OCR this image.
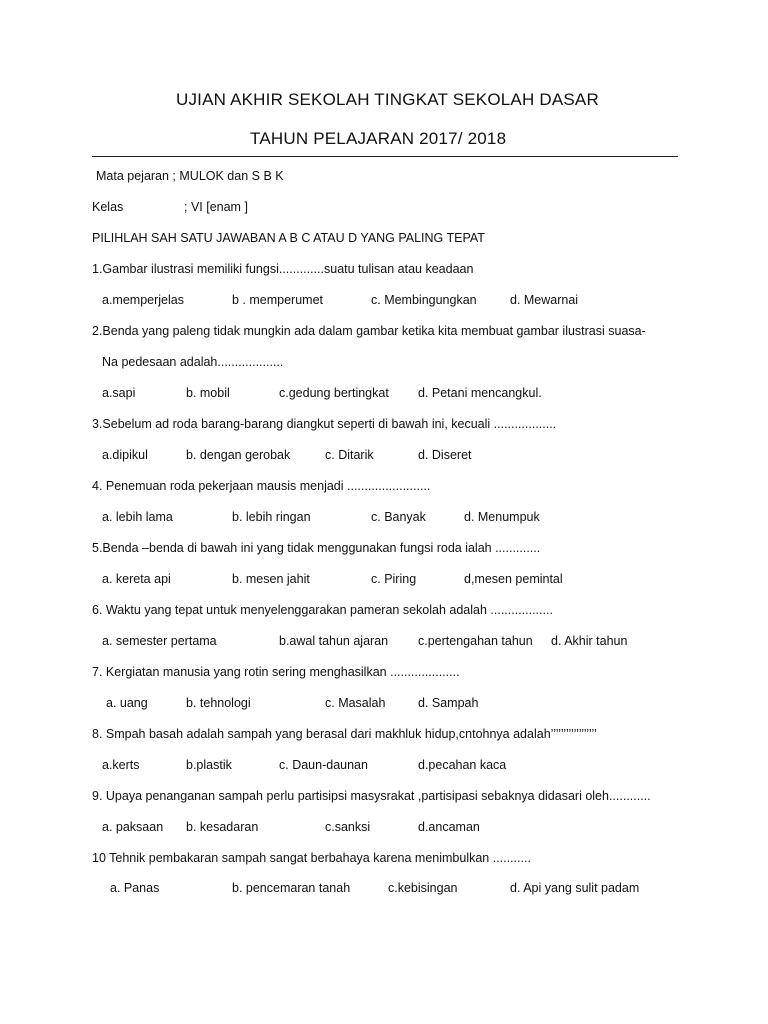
UJIAN AKHIR SEKOLAH TINGKAT SEKOLAH DASAR
TAHUN PELAJARAN 2017/ 2018
Mata pejaran ; MULOK dan S B K
Kelas	; VI [enam ]
PILIHLAH SAH SATU JAWABAN A B C ATAU D YANG PALING TEPAT
1.Gambar ilustrasi memiliki fungsi.............suatu tulisan atau keadaan
a.memperjelas	b . memperumet	c. Membingungkan	d. Mewarnai
2.Benda yang paleng tidak mungkin ada dalam gambar ketika kita membuat gambar ilustrasi suasa-
Na pedesaan adalah...................
a.sapi	b. mobil	c.gedung bertingkat d. Petani mencangkul.
3.Sebelum ad roda barang-barang diangkut seperti di bawah ini, kecuali ..................
a.dipikul	b. dengan gerobak	c. Ditarik	d. Diseret
4. Penemuan roda pekerjaan mausis menjadi ........................
a. lebih lama	b. lebih ringan	c. Banyak	d. Menumpuk
5.Benda –benda di bawah ini yang tidak menggunakan fungsi roda ialah .............
a. kereta api	b. mesen jahit	c. Piring	d,mesen pemintal
6. Waktu yang tepat untuk menyelenggarakan pameran sekolah adalah ..................
a. semester pertama	b.awal tahun ajaran c.pertengahan tahun d. Akhir tahun
7. Kergiatan manusia yang rotin sering menghasilkan ....................
a. uang	b. tehnologi	c. Masalah	d. Sampah
8. Smpah basah adalah sampah yang berasal dari makhluk hidup,cntohnya adalah’’’’’’’’’’’’’’’’’’
a.kerts	b.plastik	c. Daun-daunan	d.pecahan kaca
9. Upaya penanganan sampah perlu partisipsi masysrakat ,partisipasi sebaknya didasari oleh............
a. paksaan b. kesadaran	c.sanksi	d.ancaman
10 Tehnik pembakaran sampah sangat berbahaya karena menimbulkan ...........
a. Panas	b. pencemaran tanah	c.kebisingan	d. Api yang sulit padam
